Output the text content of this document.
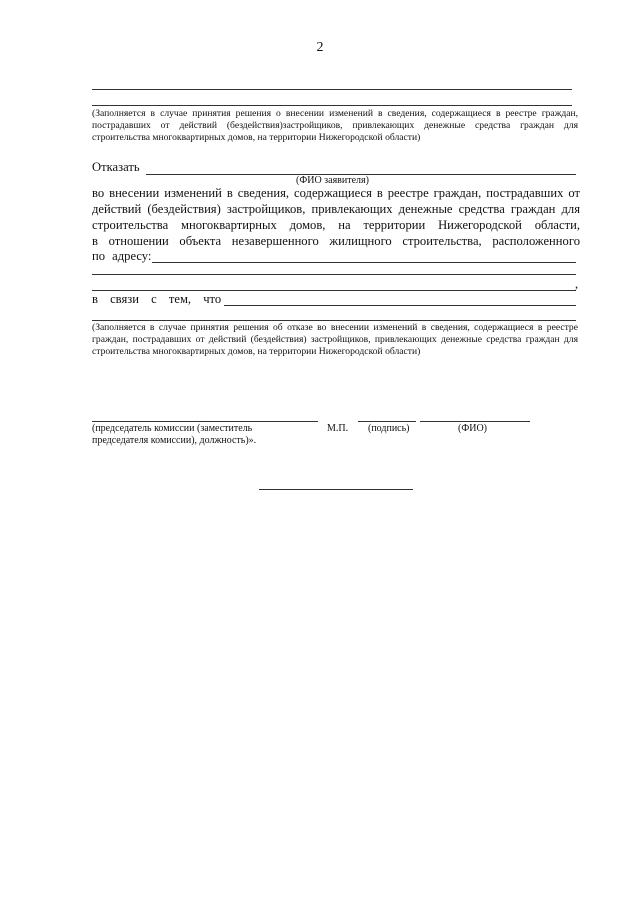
2
(Заполняется в случае принятия решения о внесении изменений в сведения, содержащиеся в реестре граждан, пострадавших от действий (бездействия)застройщиков, привлекающих денежные средства граждан для строительства многоквартирных домов, на территории Нижегородской области)
Отказать
(ФИО заявителя)
во внесении изменений в сведения, содержащиеся в реестре граждан, пострадавших от
действий (бездействия) застройщиков, привлекающих денежные средства граждан для
строительства многоквартирных домов, на территории Нижегородской области,
в отношении объекта незавершенного жилищного строительства, расположенного
по адресу:
,
в связи с тем, что
(Заполняется в случае принятия решения об отказе во внесении изменений в сведения, содержащиеся в реестре граждан, пострадавших от действий (бездействия) застройщиков, привлекающих денежные средства граждан для строительства многоквартирных домов, на территории Нижегородской области)
(председатель комиссии (заместитель председателя комиссии), должность)».
М.П. (подпись)	(ФИО)
